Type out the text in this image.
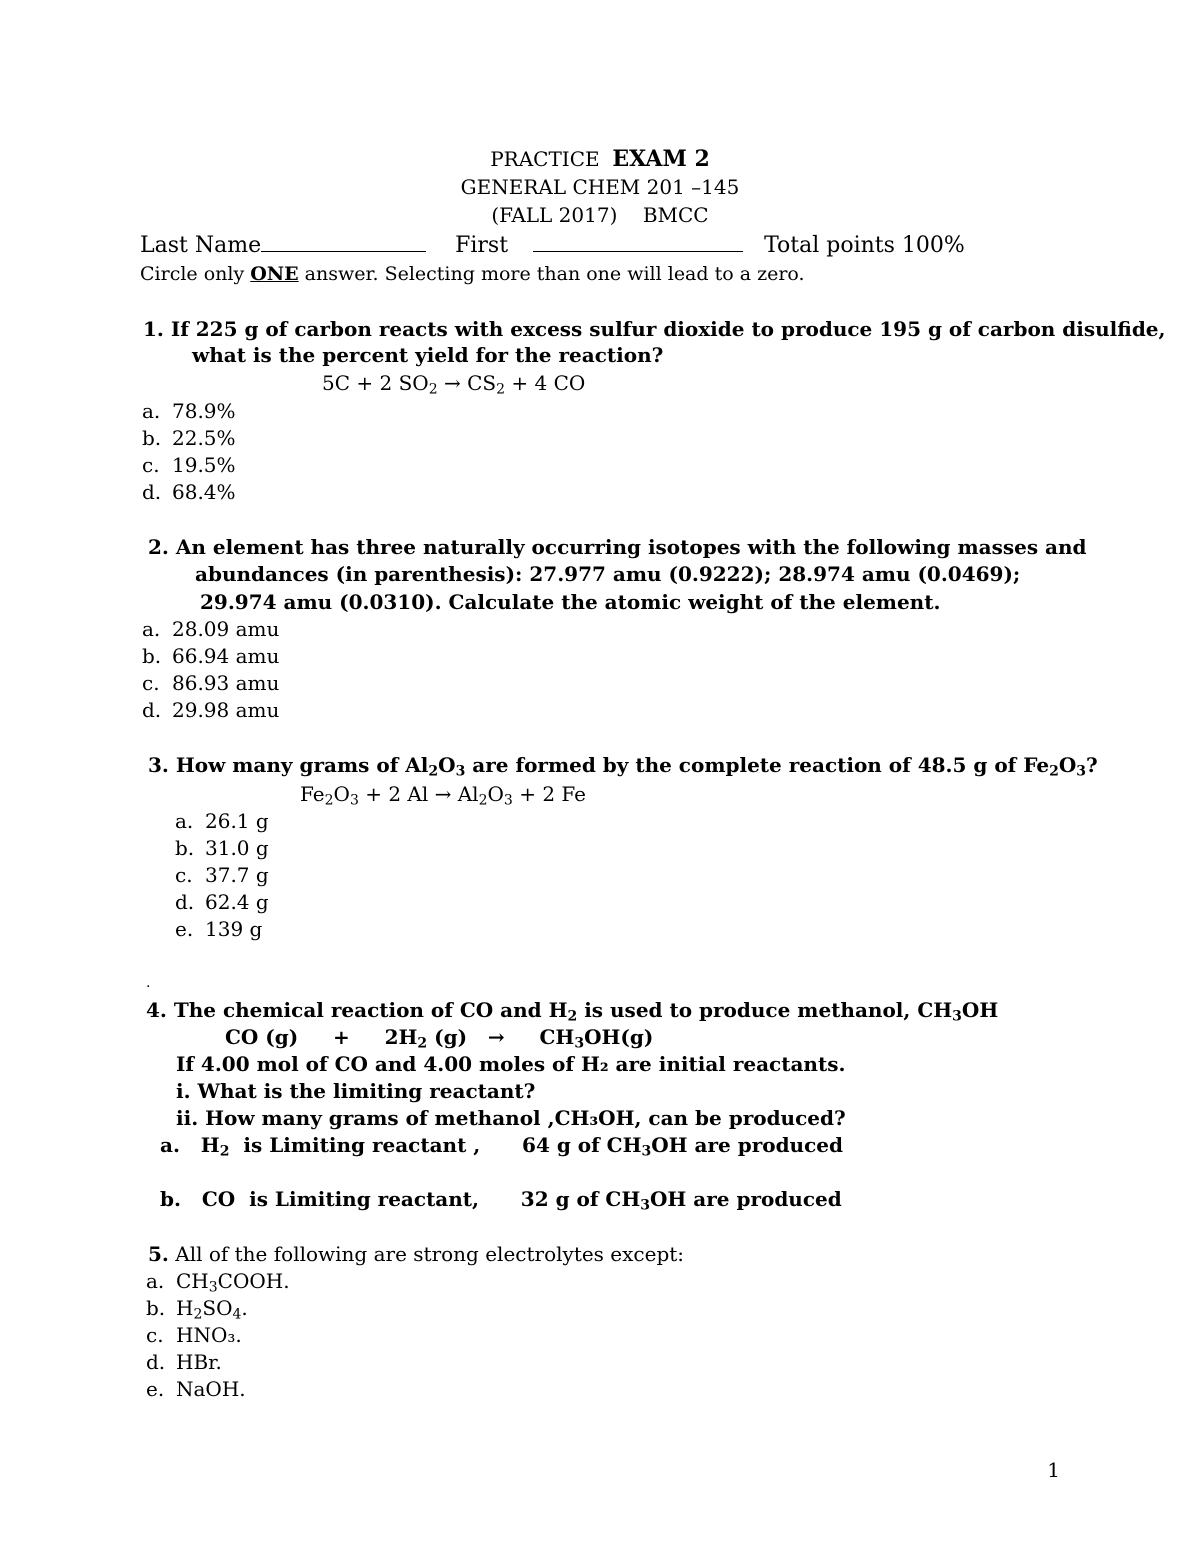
PRACTICE EXAM 2
GENERAL CHEM 201 –145
(FALL 2017) BMCC
Last Name	First	Total points 100%
Circle only ONE answer. Selecting more than one will lead to a zero.
1. If 225 g of carbon reacts with excess sulfur dioxide to produce 195 g of carbon disulfide,
what is the percent yield for the reaction?
5C + 2 $SO_2 \to CS_2 + 4$ CO
a. 78.9%
b. 22.5%
c. 19.5%
d. 68.4%
2. An element has three naturally occurring isotopes with the following masses and
abundances (in parenthesis): 27.977 amu (0.9222); 28.974 amu (0.0469);
29.974 amu (0.0310). Calculate the atomic weight of the element.
a. 28.09 amu
b. 66.94 amu
c. 86.93 amu
d. 29.98 amu
3. How many grams of $Al_2O_3$ are formed by the complete reaction of 48.5 g of $Fe_2O_3$?
$Fe_2O_3 + 2$ $Al \to Al_2O_3 + 2$ Fe
a. 26.1 g
b. 31.0 g
c. 37.7 g
d. 62.4 g
e. 139 g
.
4. The chemical reaction of CO and $H_2$ is used to produce methanol, $CH_3OH$
CO (g)     +     $2H_2$ (g)   →     $CH_3OH(g)$
If 4.00 mol of CO and 4.00 moles of H₂ are initial reactants.
i. What is the limiting reactant?
ii. How many grams of methanol ,CH₃OH, can be produced?
a.   $H_2$  is Limiting reactant ,      64 g of $CH_3OH$ are produced
b.   CO  is Limiting reactant,      32 g of $CH_3OH$ are produced
5. All of the following are strong electrolytes except:
a. $CH_3COOH$.
b. $H_2SO_4$.
c. HNO₃.
d. HBr.
e. NaOH.
1
